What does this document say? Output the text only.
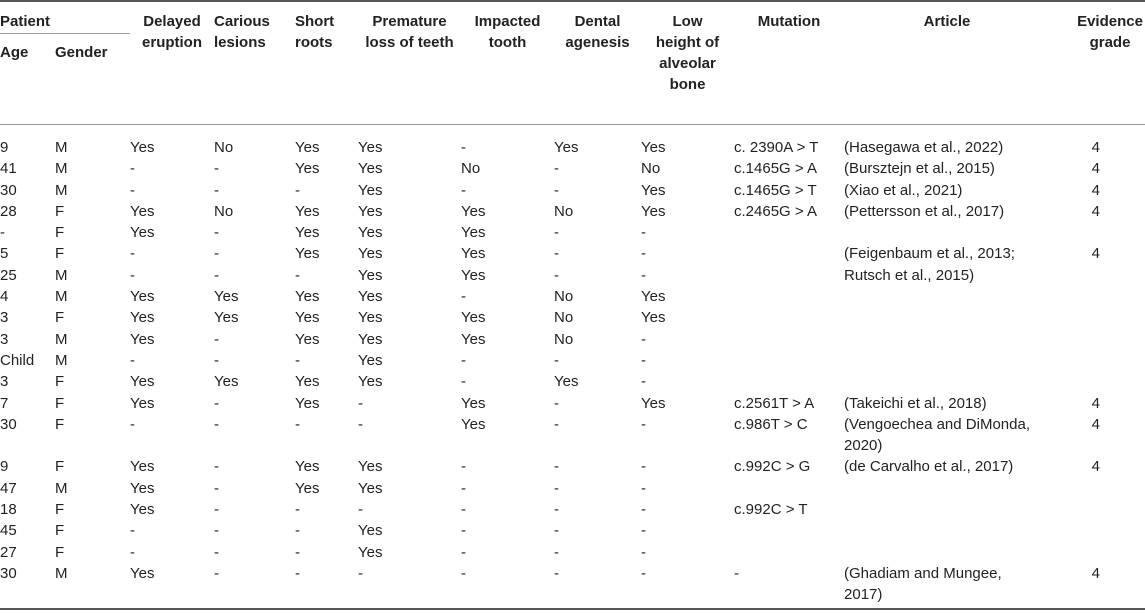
Patient		Delayed eruption	Carious lesions	Short roots	Premature loss of teeth	Impacted tooth	Dental agenesis	Low height of alveolar bone	Mutation	Article	Evidence grade

Age	Gender										
9	M	Yes	No	Yes	Yes	-	Yes	Yes	c. 2390A > T	(Hasegawa et al., 2022)	4
41	M	-	-	Yes	Yes	No	-	No	c.1465G > A	(Bursztejn et al., 2015)	4
30	M	-	-	-	Yes	-	-	Yes	c.1465G > T	(Xiao et al., 2021)	4
28	F	Yes	No	Yes	Yes	Yes	No	Yes	c.2465G > A	(Pettersson et al., 2017)	4
-	F	Yes	-	Yes	Yes	Yes	-	-			
5	F	-	-	Yes	Yes	Yes	-	-		(Feigenbaum et al., 2013;	4
25	M	-	-	-	Yes	Yes	-	-		Rutsch et al., 2015)	
4	M	Yes	Yes	Yes	Yes	-	No	Yes			
3	F	Yes	Yes	Yes	Yes	Yes	No	Yes			
3	M	Yes	-	Yes	Yes	Yes	No	-			
Child	M	-	-	-	Yes	-	-	-			
3	F	Yes	Yes	Yes	Yes	-	Yes	-			
7	F	Yes	-	Yes	-	Yes	-	Yes	c.2561T > A	(Takeichi et al., 2018)	4
30	F	-	-	-	-	Yes	-	-	c.986T > C	(Vengoechea and DiMonda,	4
										2020)	
9	F	Yes	-	Yes	Yes	-	-	-	c.992C > G	(de Carvalho et al., 2017)	4
47	M	Yes	-	Yes	Yes	-	-	-			
18	F	Yes	-	-	-	-	-	-	c.992C > T		
45	F	-	-	-	Yes	-	-	-			
27	F	-	-	-	Yes	-	-	-			
30	M	Yes	-	-	-	-	-	-	-	(Ghadiam and Mungee,	4
										2017)	
